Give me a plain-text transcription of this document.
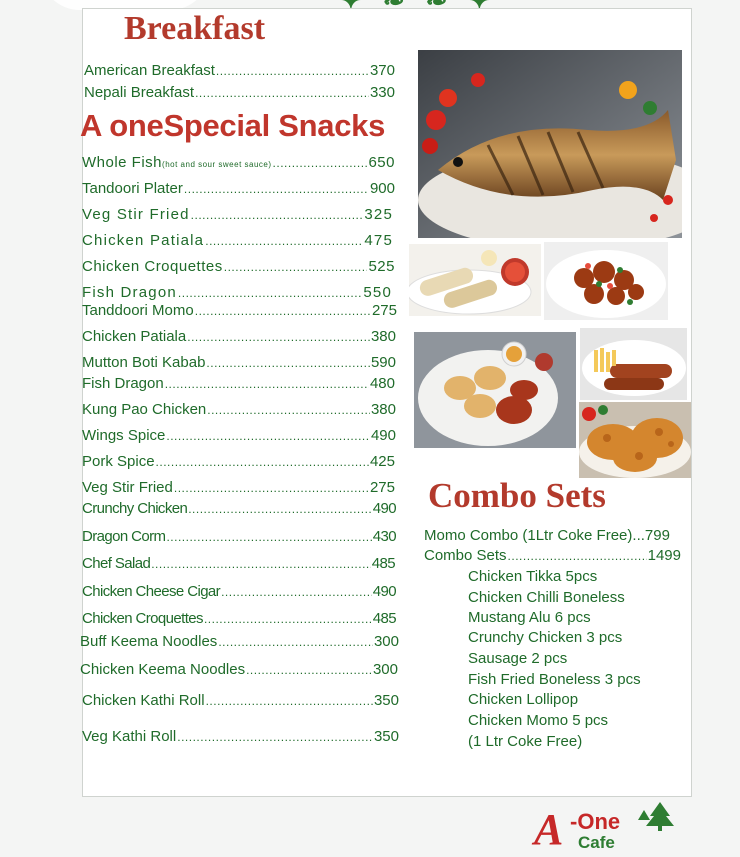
Breakfast
American Breakfast .....	370
Nepali Breakfast .....	330
A oneSpecial Snacks
Whole Fish(hot and sour sweet sauce) .....	650
Tandoori Plater .....	900
Veg Stir Fried .....	325
Chicken Patiala .....	475
Chicken Croquettes .....	525
Fish Dragon .....	550
Tanddoori Momo .....	275
Chicken Patiala .....	380
Mutton Boti Kabab .....	590
Fish Dragon .....	480
Kung Pao Chicken .....	380
Wings Spice .....	490
Pork Spice .....	425
Veg Stir Fried .....	275
Crunchy Chicken .....	490
Dragon Corm .....	430
Chef Salad .....	485
Chicken Cheese Cigar .....	490
Chicken Croquettes .....	485
Buff Keema Noodles .....	300
Chicken Keema Noodles .....	300
Chicken Kathi Roll .....	350
Veg Kathi Roll .....	350
Combo Sets
Momo Combo (1Ltr Coke Free)...799
Combo Sets .....	1499
Chicken Tikka 5pcs
Chicken Chilli Boneless
Mustang Alu 6 pcs
Crunchy Chicken 3 pcs
Sausage 2 pcs
Fish Fried Boneless 3 pcs
Chicken Lollipop
Chicken Momo 5 pcs
(1 Ltr Coke Free)
A -One
Cafe
